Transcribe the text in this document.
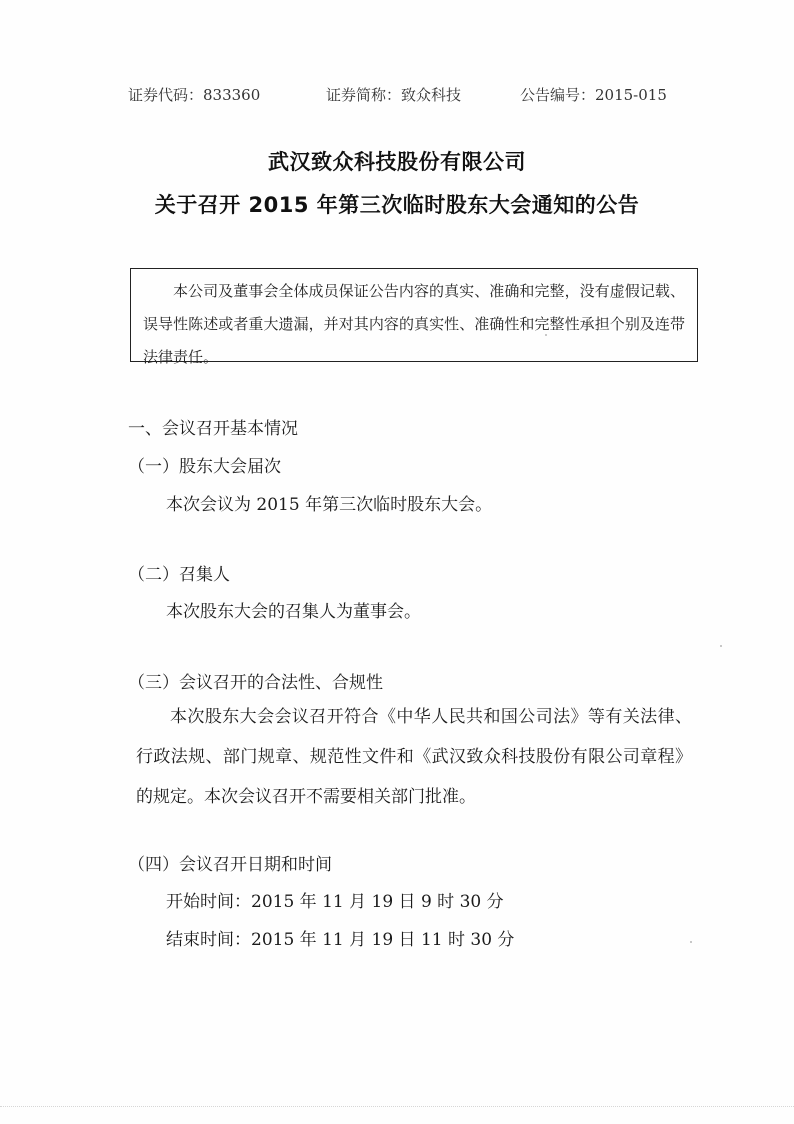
证券代码：833360	证券简称：致众科技	公告编号：2015-015
武汉致众科技股份有限公司
关于召开 2015 年第三次临时股东大会通知的公告
本公司及董事会全体成员保证公告内容的真实、准确和完整，没有虚假记载、误导性陈述或者重大遗漏，并对其内容的真实性、准确性和完整性承担个别及连带法律责任。
一、会议召开基本情况
（一）股东大会届次
本次会议为 2015 年第三次临时股东大会。
（二）召集人
本次股东大会的召集人为董事会。
（三）会议召开的合法性、合规性
本次股东大会会议召开符合《中华人民共和国公司法》等有关法律、行政法规、部门规章、规范性文件和《武汉致众科技股份有限公司章程》的规定。本次会议召开不需要相关部门批准。
（四）会议召开日期和时间
开始时间：2015 年 11 月 19 日 9 时 30 分
结束时间：2015 年 11 月 19 日 11 时 30 分
